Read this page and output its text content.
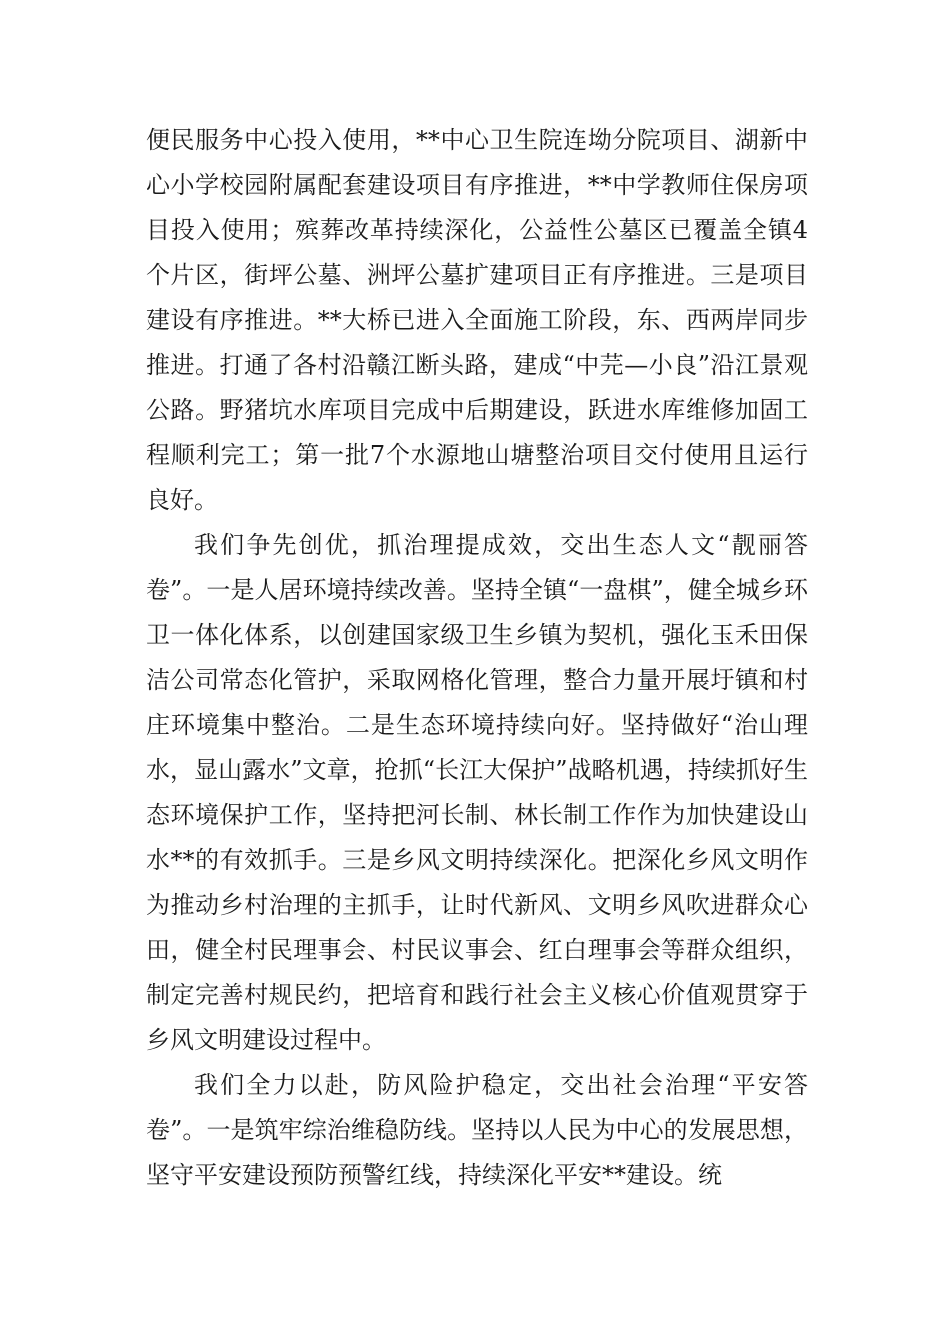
便民服务中心投入使用，**中心卫生院连坳分院项目、湖新中心小学校园附属配套建设项目有序推进，**中学教师住保房项目投入使用；殡葬改革持续深化，公益性公墓区已覆盖全镇4个片区，街坪公墓、洲坪公墓扩建项目正有序推进。三是项目建设有序推进。**大桥已进入全面施工阶段，东、西两岸同步推进。打通了各村沿赣江断头路，建成“中芫—小良”沿江景观公路。野猪坑水库项目完成中后期建设，跃进水库维修加固工程顺利完工；第一批7个水源地山塘整治项目交付使用且运行良好。

我们争先创优，抓治理提成效，交出生态人文“靓丽答卷”。一是人居环境持续改善。坚持全镇“一盘棋”，健全城乡环卫一体化体系，以创建国家级卫生乡镇为契机，强化玉禾田保洁公司常态化管护，采取网格化管理，整合力量开展圩镇和村庄环境集中整治。二是生态环境持续向好。坚持做好“治山理水，显山露水”文章，抢抓“长江大保护”战略机遇，持续抓好生态环境保护工作，坚持把河长制、林长制工作作为加快建设山水**的有效抓手。三是乡风文明持续深化。把深化乡风文明作为推动乡村治理的主抓手，让时代新风、文明乡风吹进群众心田，健全村民理事会、村民议事会、红白理事会等群众组织，制定完善村规民约，把培育和践行社会主义核心价值观贯穿于乡风文明建设过程中。

我们全力以赴，防风险护稳定，交出社会治理“平安答卷”。一是筑牢综治维稳防线。坚持以人民为中心的发展思想，坚守平安建设预防预警红线，持续深化平安**建设。统
